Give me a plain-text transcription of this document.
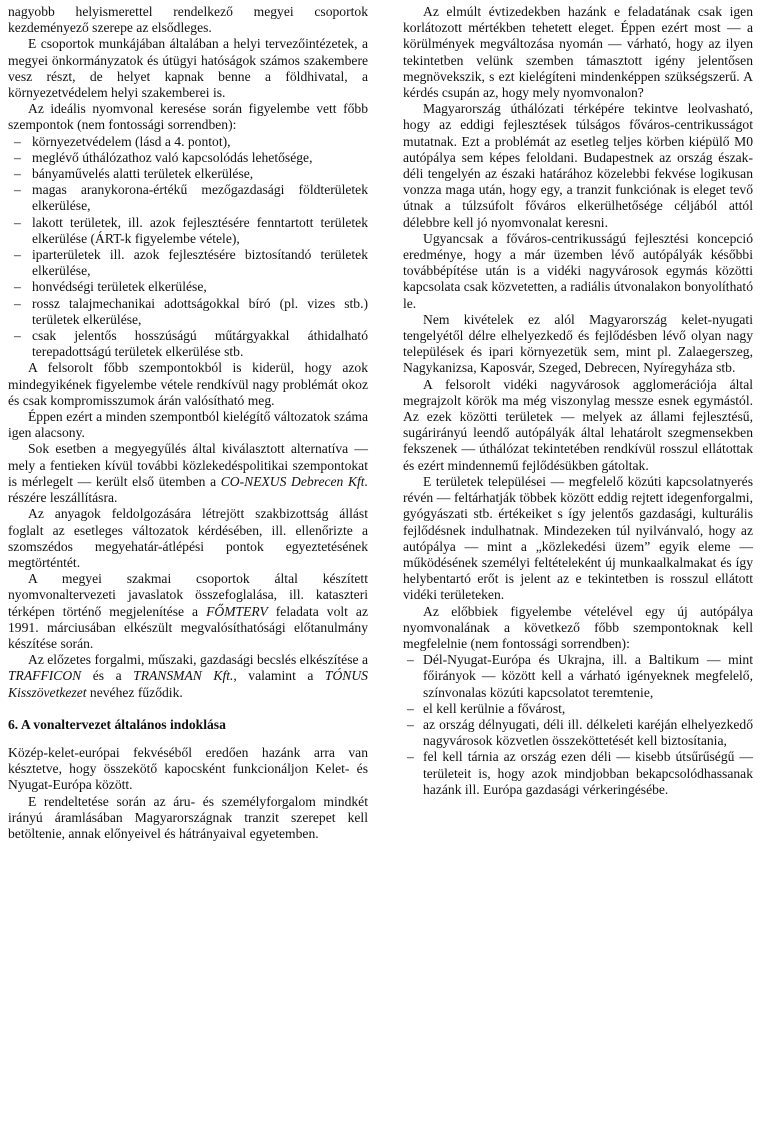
nagyobb helyismerettel rendelkező megyei csoportok kezdeményező szerepe az elsődleges.

E csoportok munkájában általában a helyi tervezőintézetek, a megyei önkormányzatok és útügyi hatóságok számos szakembere vesz részt, de helyet kapnak benne a földhivatal, a környezetvédelem helyi szakemberei is.

Az ideális nyomvonal keresése során figyelembe vett főbb szempontok (nem fontossági sorrendben):

– környezetvédelem (lásd a 4. pontot),
– meglévő úthálózathoz való kapcsolódás lehetősége,
– bányaművelés alatti területek elkerülése,
– magas aranykorona-értékű mezőgazdasági földterületek elkerülése,
– lakott területek, ill. azok fejlesztésére fenntartott területek elkerülése (ÁRT-k figyelembe vétele),
– iparterületek ill. azok fejlesztésére biztosítandó területek elkerülése,
– honvédségi területek elkerülése,
– rossz talajmechanikai adottságokkal bíró (pl. vizes stb.) területek elkerülése,
– csak jelentős hosszúságú műtárgyakkal áthidalható terepadottságú területek elkerülése stb.

A felsorolt főbb szempontokból is kiderül, hogy azok mindegyikének figyelembe vétele rendkívül nagy problémát okoz és csak kompromisszumok árán valósítható meg.

Éppen ezért a minden szempontból kielégítő változatok száma igen alacsony.

Sok esetben a megyegyűlés által kiválasztott alternatíva — mely a fentieken kívül további közlekedéspolitikai szempontokat is mérlegelt — került első ütemben a CO-NEXUS Debrecen Kft. részére leszállításra.

Az anyagok feldolgozására létrejött szakbizottság állást foglalt az esetleges változatok kérdésében, ill. ellenőrizte a szomszédos megyehatár-átlépési pontok egyeztetésének megtörténtét.

A megyei szakmai csoportok által készített nyomvonaltervezeti javaslatok összefoglalása, ill. kataszteri térképen történő megjelenítése a FŐMTERV feladata volt az 1991. márciusában elkészült megvalósíthatósági előtanulmány készítése során.

Az előzetes forgalmi, műszaki, gazdasági becslés elkészítése a TRAFFICON és a TRANSMAN Kft., valamint a TÓNUS Kisszövetkezet nevéhez fűződik.

6. A vonaltervezet általános indoklása

Közép-kelet-európai fekvéséből eredően hazánk arra van késztetve, hogy összekötő kapocsként funkcionáljon Kelet- és Nyugat-Európa között.

E rendeltetése során az áru- és személyforgalom mindkét irányú áramlásában Magyarországnak tranzit szerepet kell betöltenie, annak előnyeivel és hátrányaival egyetemben.

Az elmúlt évtizedekben hazánk e feladatának csak igen korlátozott mértékben tehetett eleget. Éppen ezért most — a körülmények megváltozása nyomán — várható, hogy az ilyen tekintetben velünk szemben támasztott igény jelentősen megnövekszik, s ezt kielégíteni mindenképpen szükségszerű. A kérdés csupán az, hogy mely nyomvonalon?

Magyarország úthálózati térképére tekintve leolvasható, hogy az eddigi fejlesztések túlságos főváros-centrikusságot mutatnak. Ezt a problémát az esetleg teljes körben kiépülő M0 autópálya sem képes feloldani. Budapestnek az ország észak-déli tengelyén az északi határához közelebbi fekvése logikusan vonzza maga után, hogy egy, a tranzit funkciónak is eleget tevő útnak a túlzsúfolt főváros elkerülhetősége céljából attól délebbre kell jó nyomvonalat keresni.

Ugyancsak a főváros-centrikusságú fejlesztési koncepció eredménye, hogy a már üzemben lévő autópályák későbbi továbbépítése után is a vidéki nagyvárosok egymás közötti kapcsolata csak közvetetten, a radiális útvonalakon bonyolítható le.

Nem kivételek ez alól Magyarország kelet-nyugati tengelyétől délre elhelyezkedő és fejlődésben lévő olyan nagy települések és ipari környezetük sem, mint pl. Zalaegerszeg, Nagykanizsa, Kaposvár, Szeged, Debrecen, Nyíregyháza stb.

A felsorolt vidéki nagyvárosok agglomerációja által megrajzolt körök ma még viszonylag messze esnek egymástól. Az ezek közötti területek — melyek az állami fejlesztésű, sugárirányú leendő autópályák által lehatárolt szegmensekben fekszenek — úthálózat tekintetében rendkívül rosszul ellátottak és ezért mindennemű fejlődésükben gátoltak.

E területek települései — megfelelő közúti kapcsolatnyerés révén — feltárhatják többek között eddig rejtett idegenforgalmi, gyógyászati stb. értékeiket s így jelentős gazdasági, kulturális fejlődésnek indulhatnak. Mindezeken túl nyilvánvaló, hogy az autópálya — mint a „közlekedési üzem” egyik eleme — működésének személyi feltételeként új munkaalkalmakat és így helybentartó erőt is jelent az e tekintetben is rosszul ellátott vidéki területeken.

Az előbbiek figyelembe vételével egy új autópálya nyomvonalának a következő főbb szempontoknak kell megfelelnie (nem fontossági sorrendben):

– Dél-Nyugat-Európa és Ukrajna, ill. a Baltikum — mint főirányok — között kell a várható igényeknek megfelelő, színvonalas közúti kapcsolatot teremtenie,
– el kell kerülnie a fővárost,
– az ország délnyugati, déli ill. délkeleti karéján elhelyezkedő nagyvárosok közvetlen összeköttetését kell biztosítania,
– fel kell tárnia az ország ezen déli — kisebb útsűrűségű — területeit is, hogy azok mindjobban bekapcsolódhassanak hazánk ill. Európa gazdasági vérkeringésébe.
